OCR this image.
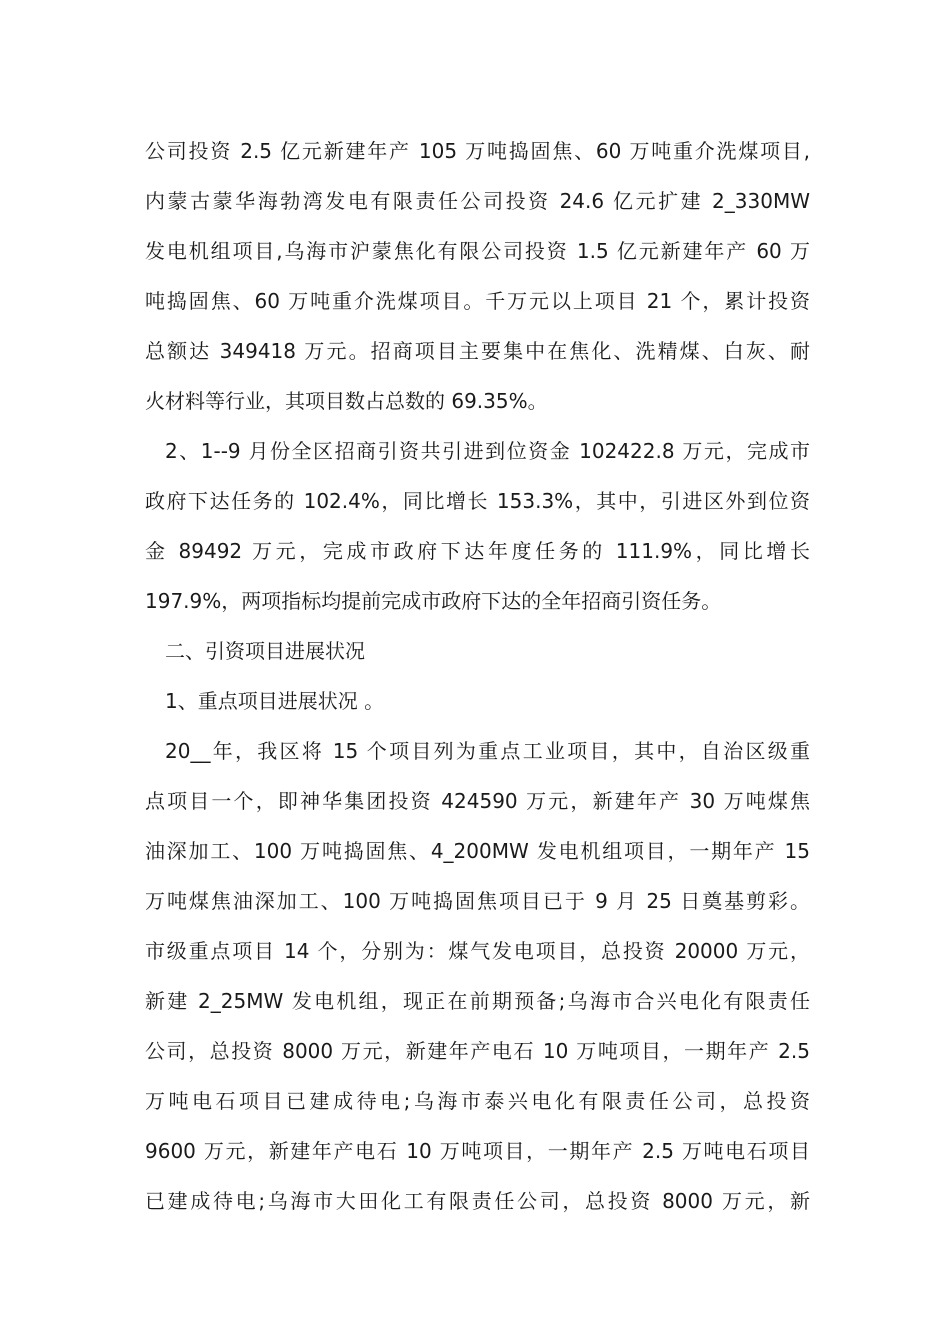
公司投资 2.5 亿元新建年产 105 万吨捣固焦、60 万吨重介洗煤项目,
内蒙古蒙华海勃湾发电有限责任公司投资 24.6 亿元扩建 2_330MW
发电机组项目,乌海市沪蒙焦化有限公司投资 1.5 亿元新建年产 60 万
吨捣固焦、60 万吨重介洗煤项目。千万元以上项目 21 个，累计投资
总额达 349418 万元。招商项目主要集中在焦化、洗精煤、白灰、耐
火材料等行业，其项目数占总数的 69.35%。
2、1--9 月份全区招商引资共引进到位资金 102422.8 万元，完成市
政府下达任务的 102.4%，同比增长 153.3%，其中，引进区外到位资
金 89492 万元，完成市政府下达年度任务的 111.9%，同比增长
197.9%，两项指标均提前完成市政府下达的全年招商引资任务。
二、引资项目进展状况
1、重点项目进展状况 。
20__年，我区将 15 个项目列为重点工业项目，其中，自治区级重
点项目一个，即神华集团投资 424590 万元，新建年产 30 万吨煤焦
油深加工、100 万吨捣固焦、4_200MW 发电机组项目，一期年产 15
万吨煤焦油深加工、100 万吨捣固焦项目已于 9 月 25 日奠基剪彩。
市级重点项目 14 个，分别为：煤气发电项目，总投资 20000 万元，
新建 2_25MW 发电机组，现正在前期预备;乌海市合兴电化有限责任
公司，总投资 8000 万元，新建年产电石 10 万吨项目，一期年产 2.5
万吨电石项目已建成待电;乌海市泰兴电化有限责任公司，总投资
9600 万元，新建年产电石 10 万吨项目，一期年产 2.5 万吨电石项目
已建成待电;乌海市大田化工有限责任公司，总投资 8000 万元，新
